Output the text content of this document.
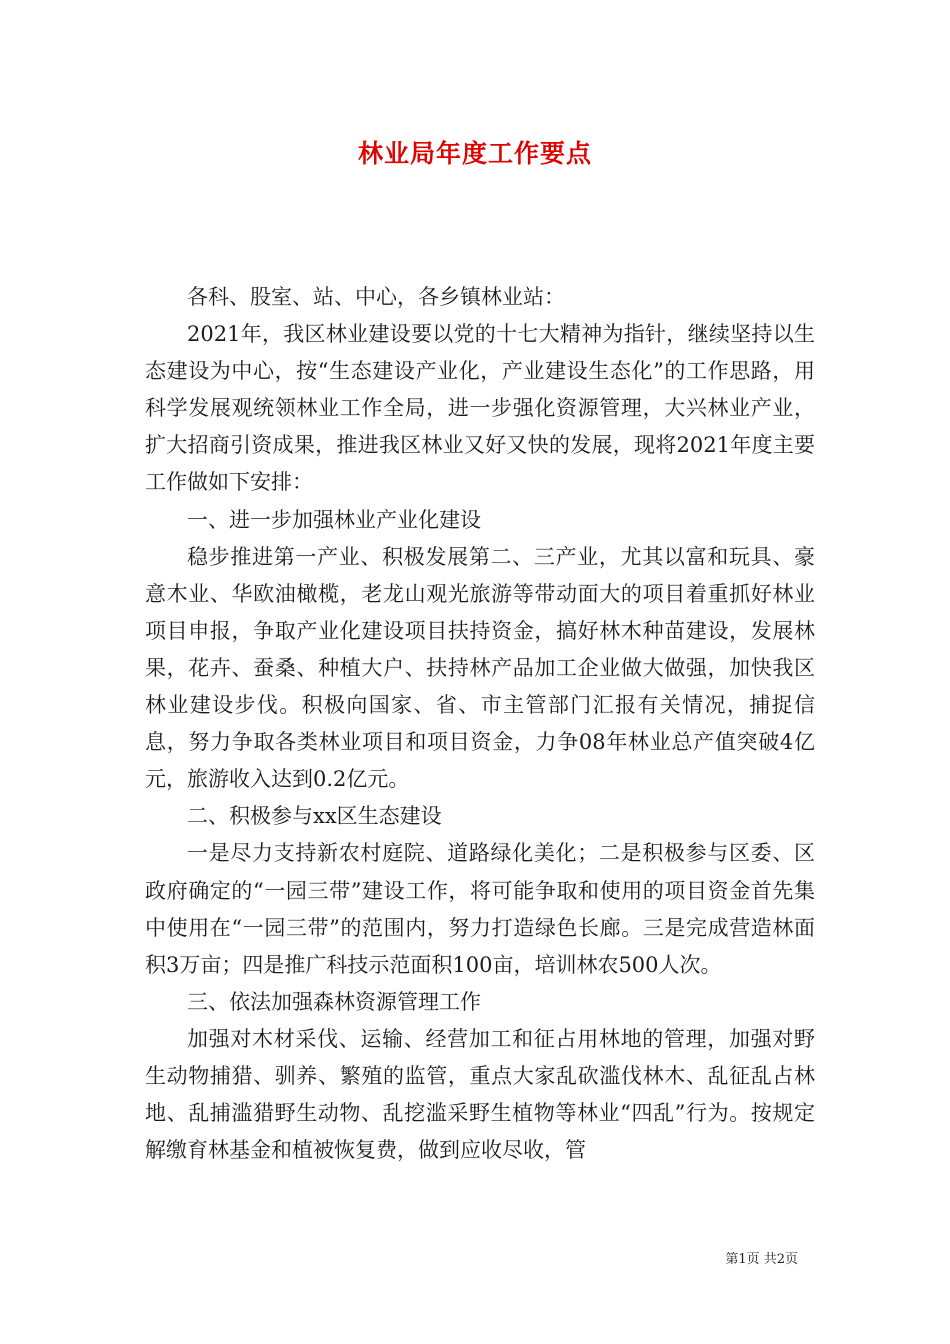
林业局年度工作要点

各科、股室、站、中心，各乡镇林业站：

2021年，我区林业建设要以党的十七大精神为指针，继续坚持以生态建设为中心，按“生态建设产业化，产业建设生态化”的工作思路，用科学发展观统领林业工作全局，进一步强化资源管理，大兴林业产业，扩大招商引资成果，推进我区林业又好又快的发展，现将2021年度主要工作做如下安排：

一、进一步加强林业产业化建设

稳步推进第一产业、积极发展第二、三产业，尤其以富和玩具、豪意木业、华欧油橄榄，老龙山观光旅游等带动面大的项目着重抓好林业项目申报，争取产业化建设项目扶持资金，搞好林木种苗建设，发展林果，花卉、蚕桑、种植大户、扶持林产品加工企业做大做强，加快我区林业建设步伐。积极向国家、省、市主管部门汇报有关情况，捕捉信息，努力争取各类林业项目和项目资金，力争08年林业总产值突破4亿元，旅游收入达到0.2亿元。

二、积极参与xx区生态建设

一是尽力支持新农村庭院、道路绿化美化；二是积极参与区委、区政府确定的“一园三带”建设工作，将可能争取和使用的项目资金首先集中使用在“一园三带”的范围内，努力打造绿色长廊。三是完成营造林面积3万亩；四是推广科技示范面积100亩，培训林农500人次。

三、依法加强森林资源管理工作

加强对木材采伐、运输、经营加工和征占用林地的管理，加强对野生动物捕猎、驯养、繁殖的监管，重点大家乱砍滥伐林木、乱征乱占林地、乱捕滥猎野生动物、乱挖滥采野生植物等林业“四乱”行为。按规定解缴育林基金和植被恢复费，做到应收尽收，管

第1页 共2页
